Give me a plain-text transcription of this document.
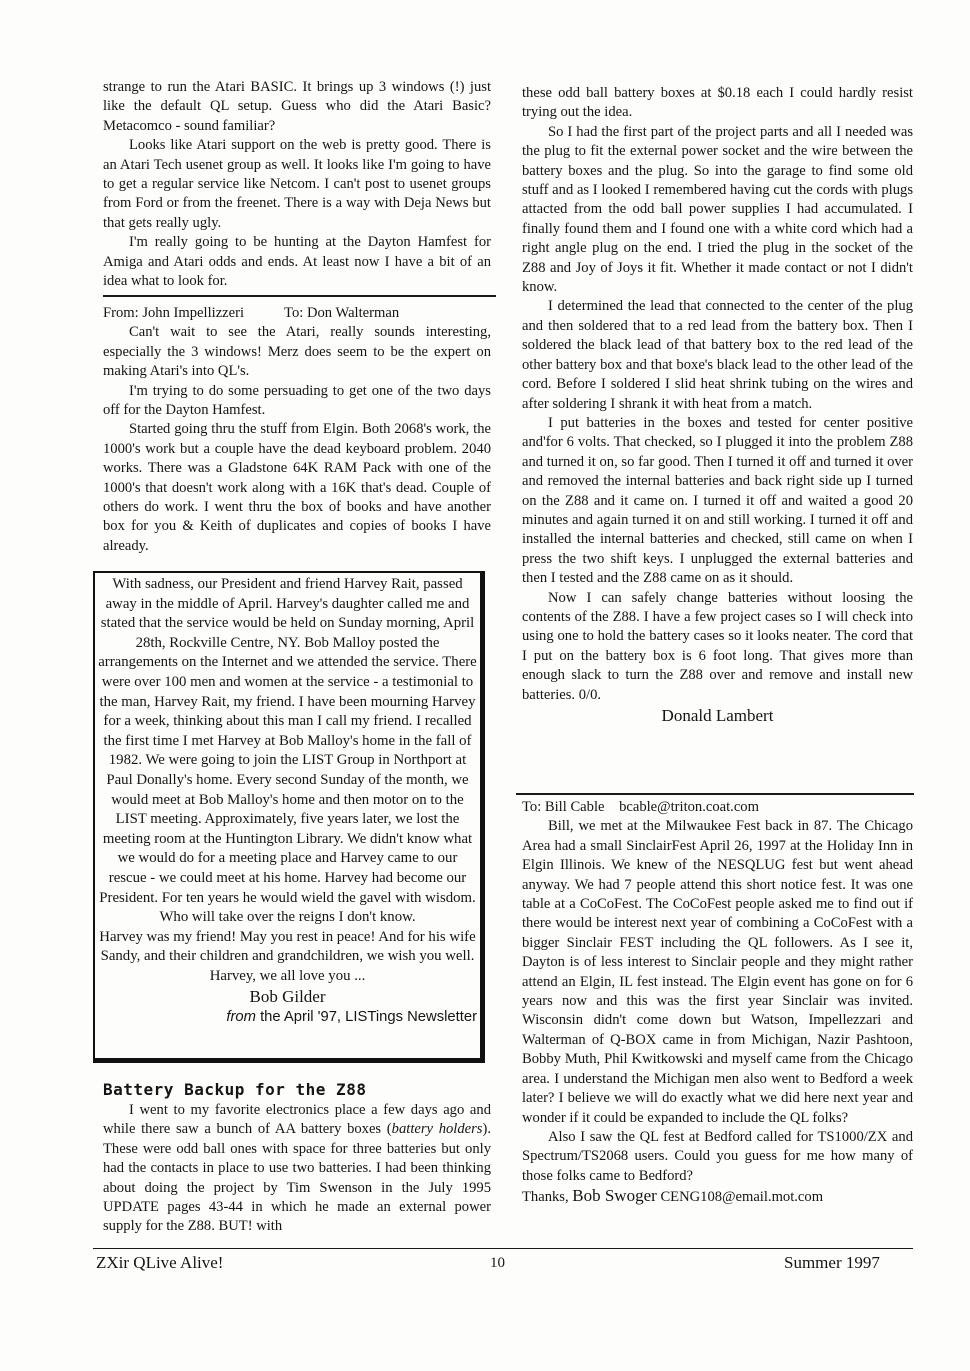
strange to run the Atari BASIC. It brings up 3 windows (!) just like the default QL setup. Guess who did the Atari Basic? Metacomco - sound familiar?

Looks like Atari support on the web is pretty good. There is an Atari Tech usenet group as well. It looks like I'm going to have to get a regular service like Netcom. I can't post to usenet groups from Ford or from the freenet. There is a way with Deja News but that gets really ugly.

I'm really going to be hunting at the Dayton Hamfest for Amiga and Atari odds and ends. At least now I have a bit of an idea what to look for.

From: John Impellizzeri	To: Don Walterman

Can't wait to see the Atari, really sounds interesting, especially the 3 windows! Merz does seem to be the expert on making Atari's into QL's.

I'm trying to do some persuading to get one of the two days off for the Dayton Hamfest.

Started going thru the stuff from Elgin. Both 2068's work, the 1000's work but a couple have the dead keyboard problem. 2040 works. There was a Gladstone 64K RAM Pack with one of the 1000's that doesn't work along with a 16K that's dead. Couple of others do work. I went thru the box of books and have another box for you & Keith of duplicates and copies of books I have already.

With sadness, our President and friend Harvey Rait, passed away in the middle of April. Harvey's daughter called me and stated that the service would be held on Sunday morning, April 28th, Rockville Centre, NY. Bob Malloy posted the arrangements on the Internet and we attended the service. There were over 100 men and women at the service - a testimonial to the man, Harvey Rait, my friend. I have been mourning Harvey for a week, thinking about this man I call my friend. I recalled the first time I met Harvey at Bob Malloy's home in the fall of 1982. We were going to join the LIST Group in Northport at Paul Donally's home. Every second Sunday of the month, we would meet at Bob Malloy's home and then motor on to the LIST meeting. Approximately, five years later, we lost the meeting room at the Huntington Library. We didn't know what we would do for a meeting place and Harvey came to our rescue - we could meet at his home. Harvey had become our President. For ten years he would wield the gavel with wisdom. Who will take over the reigns I don't know.

Harvey was my friend! May you rest in peace! And for his wife Sandy, and their children and grandchildren, we wish you well. Harvey, we all love you ...

Bob Gilder
from the April '97, LISTings Newsletter
Battery Backup for the Z88

I went to my favorite electronics place a few days ago and while there saw a bunch of AA battery boxes (battery holders). These were odd ball ones with space for three batteries but only had the contacts in place to use two batteries. I had been thinking about doing the project by Tim Swenson in the July 1995 UPDATE pages 43-44 in which he made an external power supply for the Z88. BUT! with

these odd ball battery boxes at $0.18 each I could hardly resist trying out the idea.

So I had the first part of the project parts and all I needed was the plug to fit the external power socket and the wire between the battery boxes and the plug. So into the garage to find some old stuff and as I looked I remembered having cut the cords with plugs attacted from the odd ball power supplies I had accumulated. I finally found them and I found one with a white cord which had a right angle plug on the end. I tried the plug in the socket of the Z88 and Joy of Joys it fit. Whether it made contact or not I didn't know.

I determined the lead that connected to the center of the plug and then soldered that to a red lead from the battery box. Then I soldered the black lead of that battery box to the red lead of the other battery box and that boxe's black lead to the other lead of the cord. Before I soldered I slid heat shrink tubing on the wires and after soldering I shrank it with heat from a match.

I put batteries in the boxes and tested for center positive and'for 6 volts. That checked, so I plugged it into the problem Z88 and turned it on, so far good. Then I turned it off and turned it over and removed the internal batteries and back right side up I turned on the Z88 and it came on. I turned it off and waited a good 20 minutes and again turned it on and still working. I turned it off and installed the internal batteries and checked, still came on when I press the two shift keys. I unplugged the external batteries and then I tested and the Z88 came on as it should.

Now I can safely change batteries without loosing the contents of the Z88. I have a few project cases so I will check into using one to hold the battery cases so it looks neater. The cord that I put on the battery box is 6 foot long. That gives more than enough slack to turn the Z88 over and remove and install new batteries. 0/0.

Donald Lambert
To: Bill Cable    bcable@triton.coat.com

Bill, we met at the Milwaukee Fest back in 87. The Chicago Area had a small SinclairFest April 26, 1997 at the Holiday Inn in Elgin Illinois. We knew of the NESQLUG fest but went ahead anyway. We had 7 people attend this short notice fest. It was one table at a CoCoFest. The CoCoFest people asked me to find out if there would be interest next year of combining a CoCoFest with a bigger Sinclair FEST including the QL followers. As I see it, Dayton is of less interest to Sinclair people and they might rather attend an Elgin, IL fest instead. The Elgin event has gone on for 6 years now and this was the first year Sinclair was invited. Wisconsin didn't come down but Watson, Impellezzari and Walterman of Q-BOX came in from Michigan, Nazir Pashtoon, Bobby Muth, Phil Kwitkowski and myself came from the Chicago area. I understand the Michigan men also went to Bedford a week later? I believe we will do exactly what we did here next year and wonder if it could be expanded to include the QL folks?

Also I saw the QL fest at Bedford called for TS1000/ZX and Spectrum/TS2068 users. Could you guess for me how many of those folks came to Bedford?

Thanks, Bob Swoger CENG108@email.mot.com

ZXir QLive Alive!	10	Summer 1997
